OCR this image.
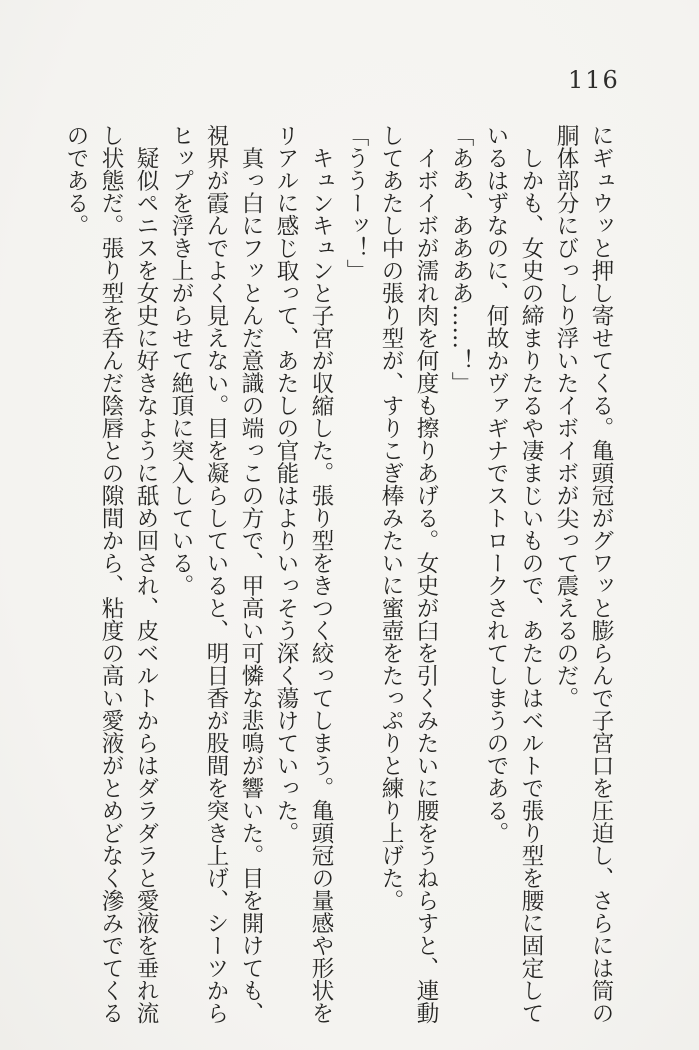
116

にギュウッと押し寄せてくる。亀頭冠がグワッと膨らんで子宮口を圧迫し、さらには筒の胴体部分にびっしり浮いたイボイボが尖って震えるのだ。

　しかも、女史の締まりたるや凄まじいもので、あたしはベルトで張り型を腰に固定しているはずなのに、何故かヴァギナでストロークされてしまうのである。

「ああ、ああああ……！」

　イボイボが濡れ肉を何度も擦りあげる。女史が臼を引くみたいに腰をうねらすと、連動してあたし中の張り型が、すりこぎ棒みたいに蜜壺をたっぷりと練り上げた。

「ううーッ！」

　キュンキュンと子宮が収縮した。張り型をきつく絞ってしまう。亀頭冠の量感や形状をリアルに感じ取って、あたしの官能はよりいっそう深く蕩けていった。

　真っ白にフッとんだ意識の端っこの方で、甲高い可憐な悲鳴が響いた。目を開けても、視界が霞んでよく見えない。目を凝らしていると、明日香が股間を突き上げ、シーツからヒップを浮き上がらせて絶頂に突入している。

　疑似ペニスを女史に好きなように舐め回され、皮ベルトからはダラダラと愛液を垂れ流し状態だ。張り型を呑んだ陰唇との隙間から、粘度の高い愛液がとめどなく滲みでてくるのである。
